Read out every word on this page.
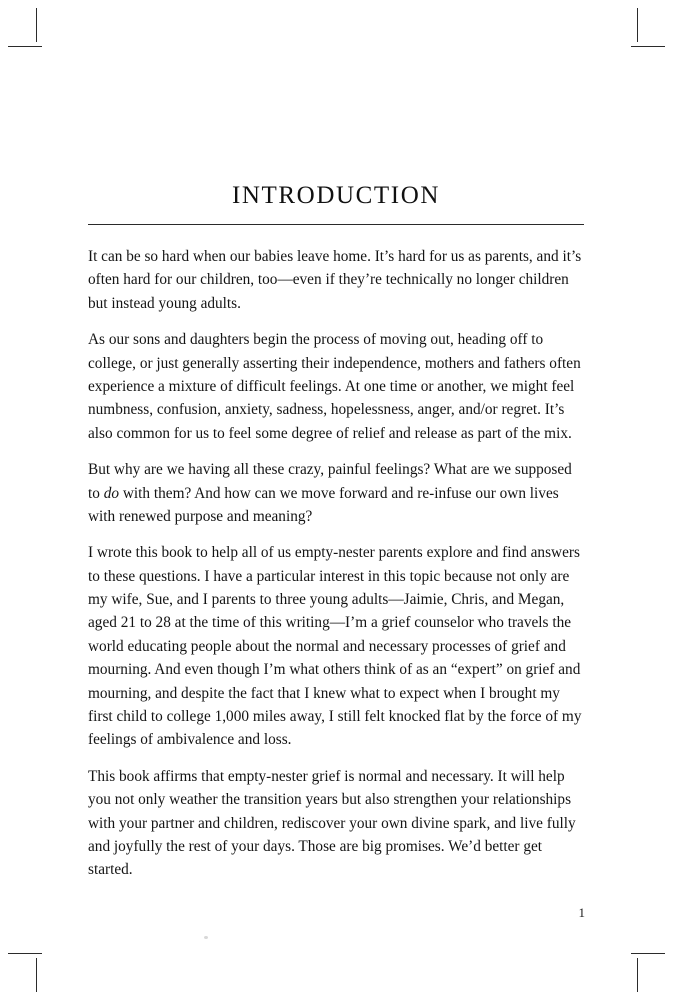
INTRODUCTION

It can be so hard when our babies leave home. It’s hard for us as parents, and it’s often hard for our children, too—even if they’re technically no longer children but instead young adults.

As our sons and daughters begin the process of moving out, heading off to college, or just generally asserting their independence, mothers and fathers often experience a mixture of difficult feelings. At one time or another, we might feel numbness, confusion, anxiety, sadness, hopelessness, anger, and/or regret. It’s also common for us to feel some degree of relief and release as part of the mix.

But why are we having all these crazy, painful feelings? What are we supposed to do with them? And how can we move forward and re-infuse our own lives with renewed purpose and meaning?

I wrote this book to help all of us empty-nester parents explore and find answers to these questions. I have a particular interest in this topic because not only are my wife, Sue, and I parents to three young adults—Jaimie, Chris, and Megan, aged 21 to 28 at the time of this writing—I’m a grief counselor who travels the world educating people about the normal and necessary processes of grief and mourning. And even though I’m what others think of as an “expert” on grief and mourning, and despite the fact that I knew what to expect when I brought my first child to college 1,000 miles away, I still felt knocked flat by the force of my feelings of ambivalence and loss.

This book affirms that empty-nester grief is normal and necessary. It will help you not only weather the transition years but also strengthen your relationships with your partner and children, rediscover your own divine spark, and live fully and joyfully the rest of your days. Those are big promises. We’d better get started.

1
